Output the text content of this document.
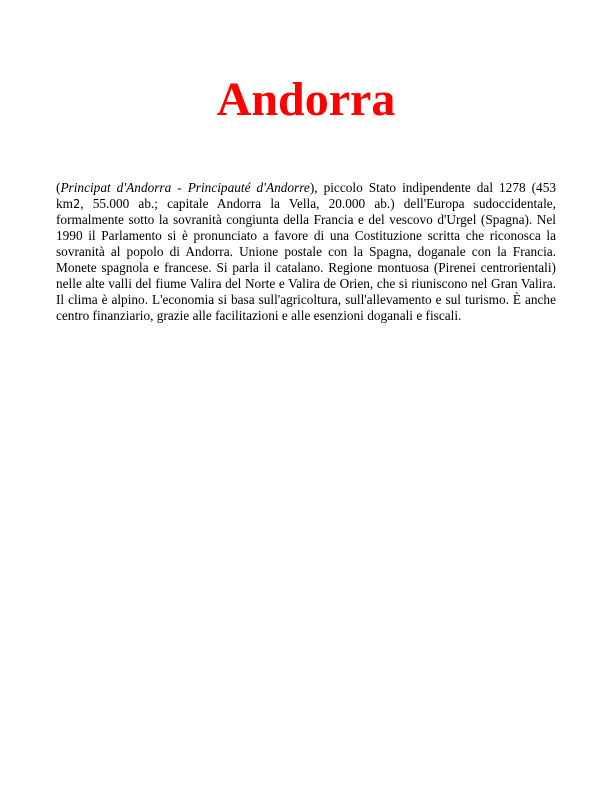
Andorra

(Principat d'Andorra - Principauté d'Andorre), piccolo Stato indipendente dal 1278 (453 km2, 55.000 ab.; capitale Andorra la Vella, 20.000 ab.) dell'Europa sudoccidentale, formalmente sotto la sovranità congiunta della Francia e del vescovo d'Urgel (Spagna). Nel 1990 il Parlamento si è pronunciato a favore di una Costituzione scritta che riconosca la sovranità al popolo di Andorra. Unione postale con la Spagna, doganale con la Francia. Monete spagnola e francese. Si parla il catalano. Regione montuosa (Pirenei centrorientali) nelle alte valli del fiume Valira del Norte e Valira de Orien, che si riuniscono nel Gran Valira. Il clima è alpino. L'economia si basa sull'agricoltura, sull'allevamento e sul turismo. È anche centro finanziario, grazie alle facilitazioni e alle esenzioni doganali e fiscali.
